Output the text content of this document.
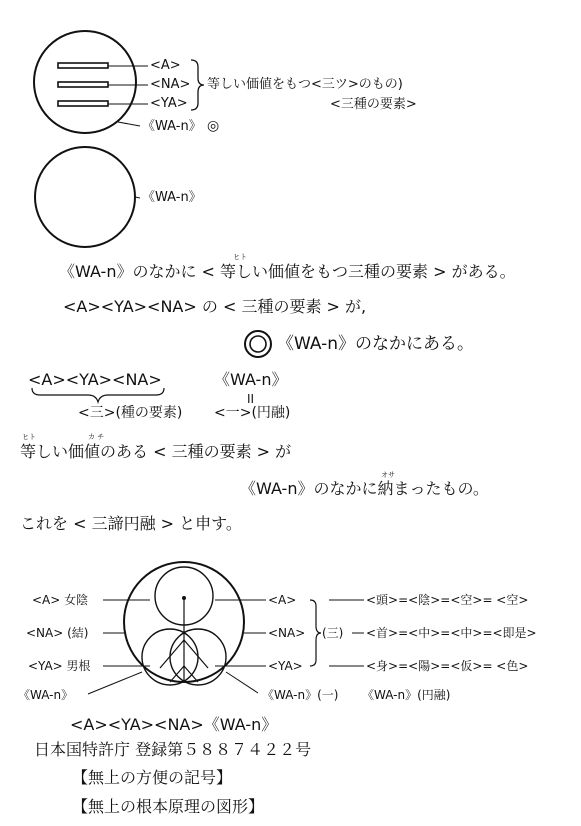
<A>
<NA>
<YA>
等しい価値をもつ<三ツ>のもの)
<三種の要素>
《WA-n》 ◎
《WA-n》
ヒト
《WA-n》のなかに < 等しい価値をもつ三種の要素 > がある。
<A><YA><NA> の < 三種の要素 > が,
《WA-n》のなかにある。
<A><YA><NA>	《WA-n》
II
<三>(種の要素) <一>(円融)
ヒト	カ チ
等しい価値のある < 三種の要素 > が
オサ
《WA-n》のなかに納まったもの。
これを < 三諦円融 > と申す。
<A> 女陰
<NA> (結)
<YA> 男根
《WA-n》
<A>
<NA>
<YA>
《WA-n》(一)
(三)
<頭>=<陰>=<空>= <空>
<首>=<中>=<中>=<即是>
<身>=<陽>=<仮>= <色>
《WA-n》(円融)
<A><YA><NA>《WA-n》
日本国特許庁 登録第５８８７４２２号
【無上の方便の記号】
【無上の根本原理の図形】
